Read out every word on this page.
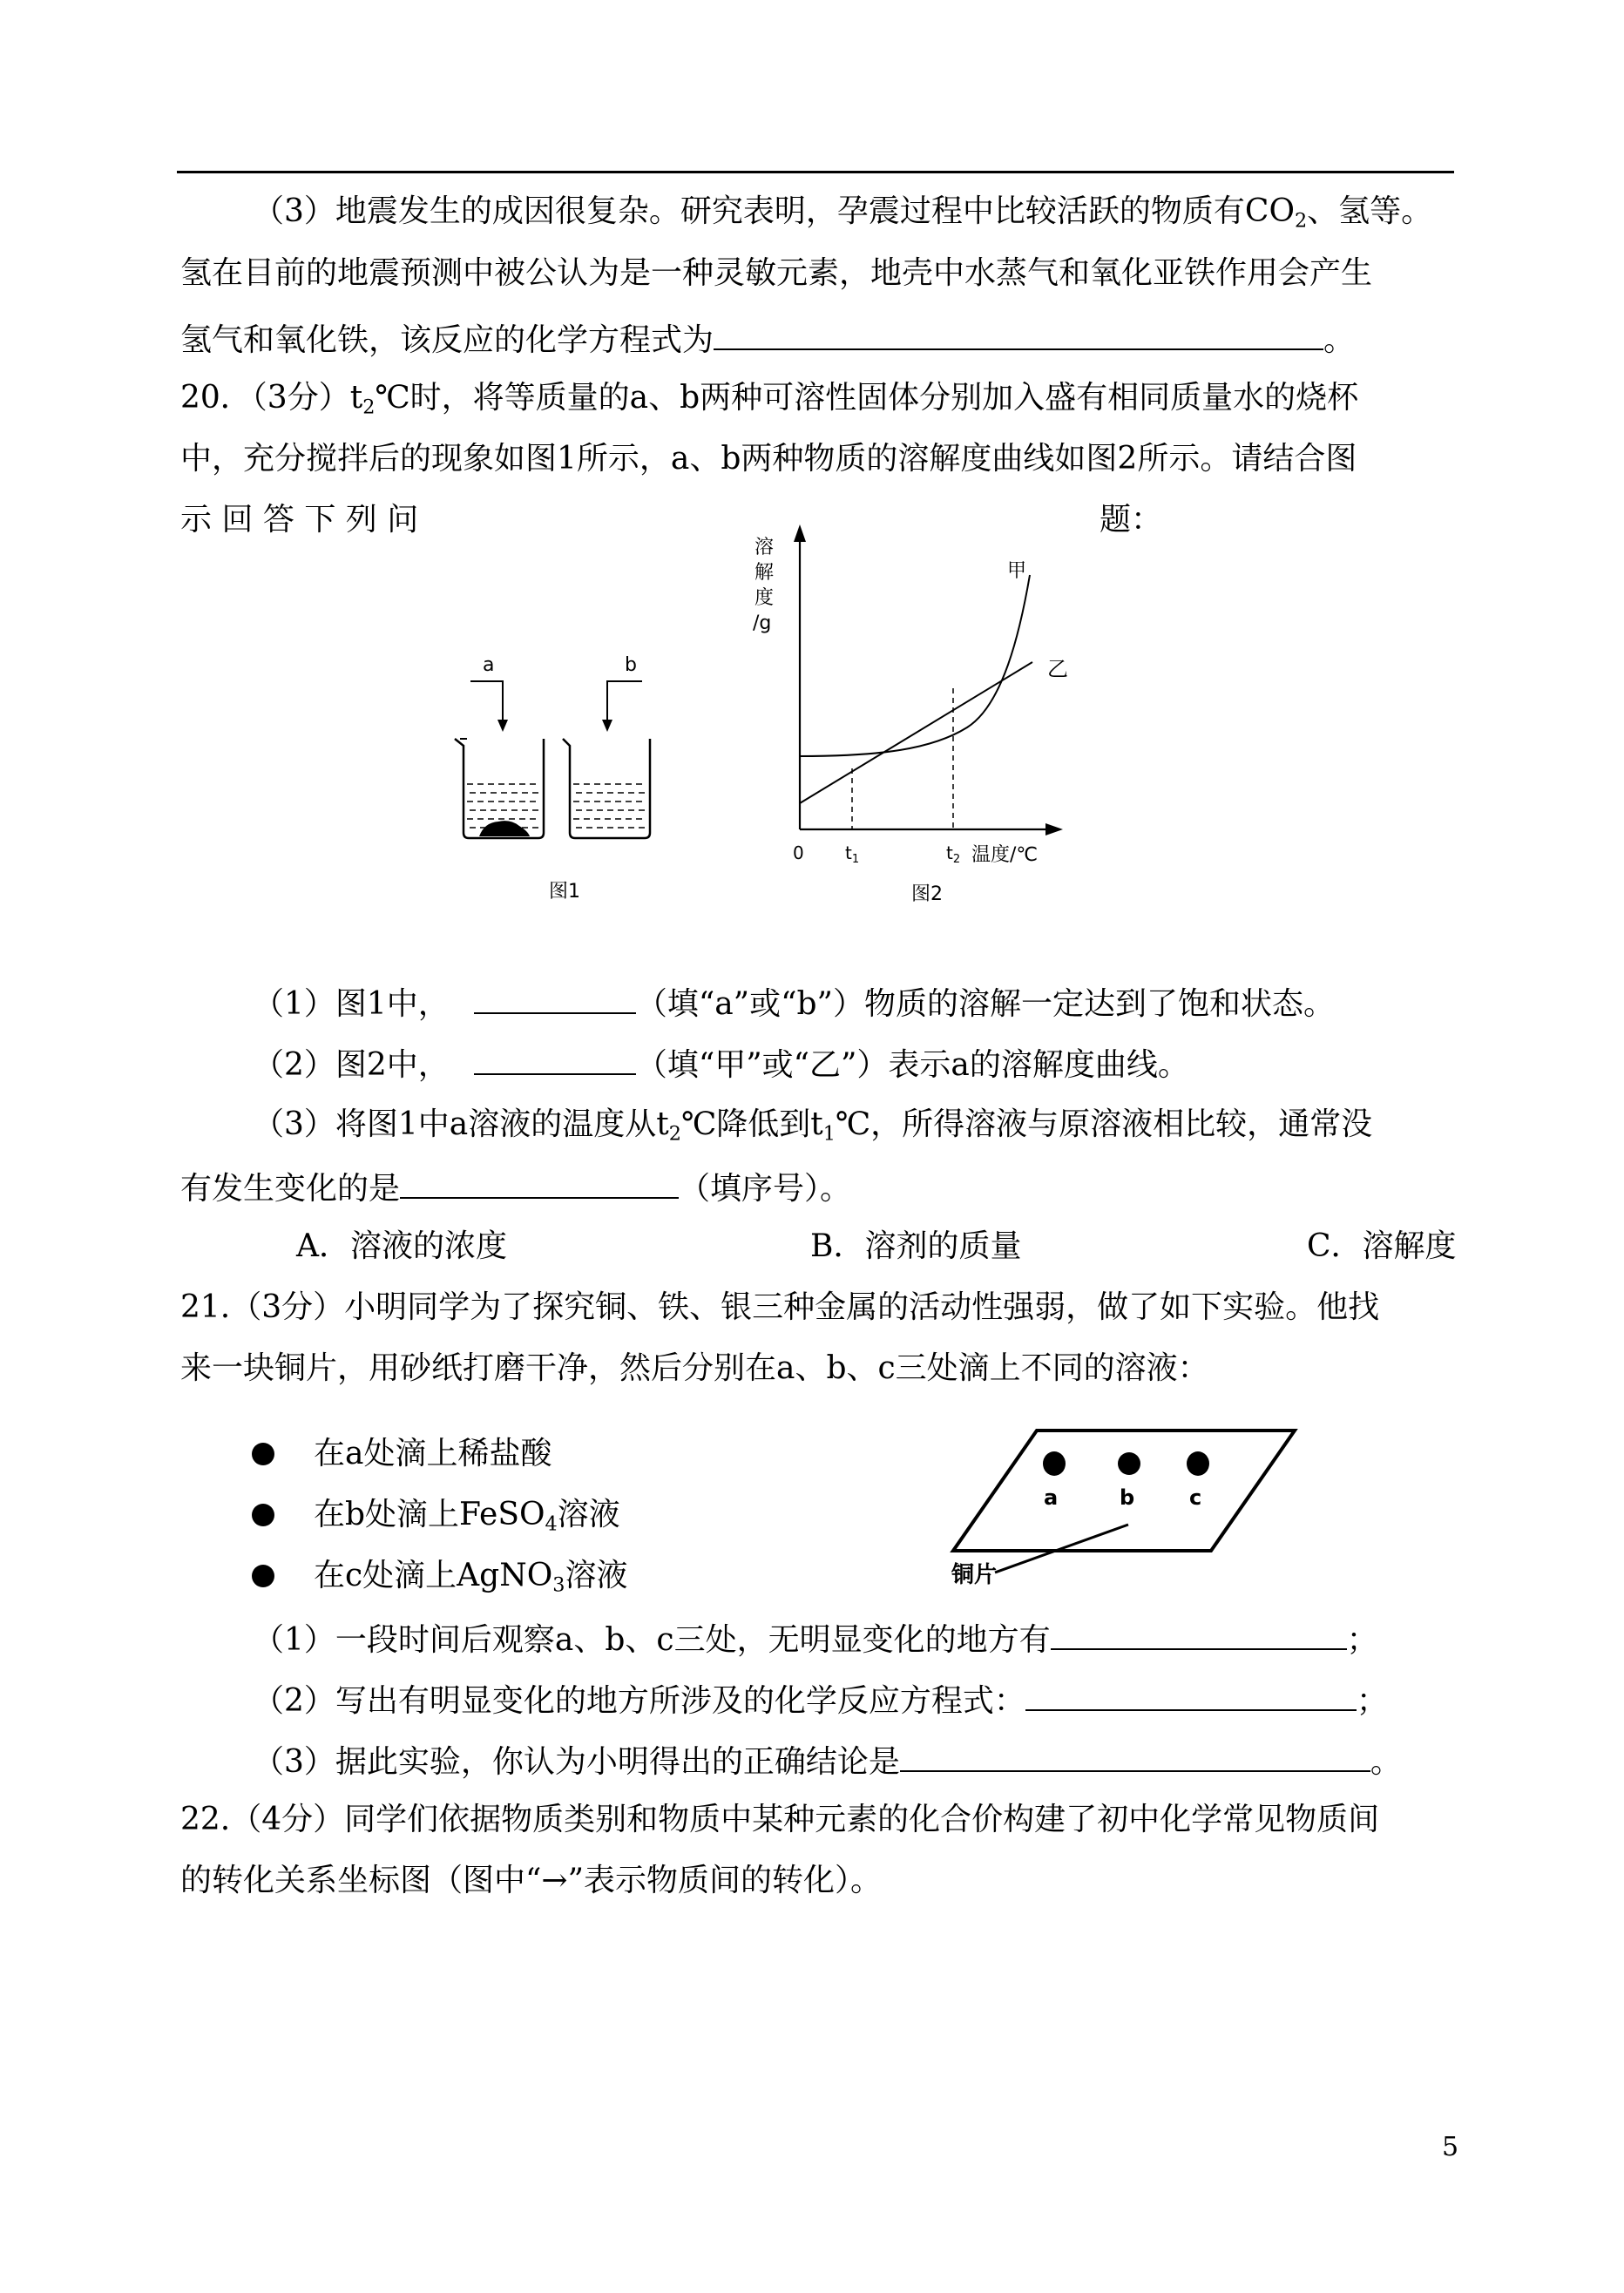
（3）地震发生的成因很复杂。研究表明，孕震过程中比较活跃的物质有$CO_2$、氢等。
氢在目前的地震预测中被公认为是一种灵敏元素，地壳中水蒸气和氧化亚铁作用会产生
氢气和氧化铁，该反应的化学方程式为	。
20．（3分）$t_2℃$时，将等质量的a、b两种可溶性固体分别加入盛有相同质量水的烧杯
中，充分搅拌后的现象如图1所示，a、b两种物质的溶解度曲线如图2所示。请结合图
示 回 答 下 列 问	题：
a	b
图1
溶
解
度
/g
甲
乙
0 $t_1$	$t_2$ 温度/℃
图2
（1）图1中，	（填“a”或“b”）物质的溶解一定达到了饱和状态。
（2）图2中，	（填“甲”或“乙”）表示a的溶解度曲线。
（3）将图1中a溶液的温度从$t_2℃$降低到$t_1℃$，所得溶液与原溶液相比较，通常没
有发生变化的是	（填序号）。
A．溶液的浓度	B．溶剂的质量	C．溶解度
21.（3分）小明同学为了探究铜、铁、银三种金属的活动性强弱，做了如下实验。他找
来一块铜片，用砂纸打磨干净，然后分别在a、b、c三处滴上不同的溶液：
在a处滴上稀盐酸
在b处滴上FeSO$_4$溶液
在c处滴上AgNO$_3$溶液
a	b	c
铜片
（1）一段时间后观察a、b、c三处，无明显变化的地方有	；
（2）写出有明显变化的地方所涉及的化学反应方程式：	；
（3）据此实验，你认为小明得出的正确结论是	。
22.（4分）同学们依据物质类别和物质中某种元素的化合价构建了初中化学常见物质间
的转化关系坐标图（图中“→”表示物质间的转化）。
5
